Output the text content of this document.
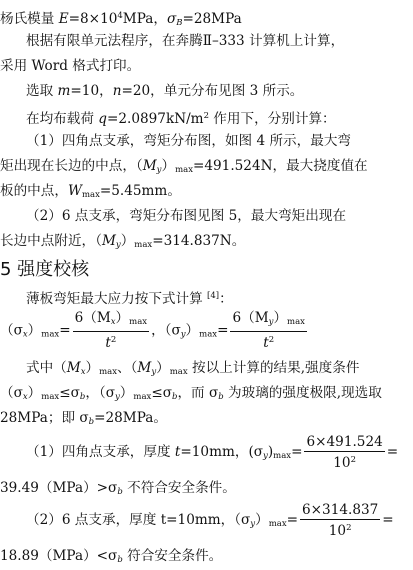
杨氏模量 $E=8\times 10^4MPa$，$\sigma_B=28MPa$
根据有限单元法程序，在奔腾Ⅱ–333 计算机上计算，
采用 Word 格式打印。
选取 m=10，n=20，单元分布见图 3 所示。
在均布载荷 $q=2.0897kN/m^2$ 作用下，分别计算：
（1）四角点支承，弯矩分布图，如图 4 所示，最大弯
矩出现在长边的中点，$(M_y)_{max}=491.524N$，最大挠度值在
板的中点，$W_{max}=5.45mm$。
（2）6 点支承，弯矩分布图见图 5，最大弯矩出现在
长边中点附近，$(M_y)_{max}=314.837N$。
5 强度校核
薄板弯矩最大应力按下式计算 [4]：
$(\sigma_x)_{max}= \frac{6(M_x)_{max}}{t^2}$ ，$(\sigma_y)_{max}= \frac{6(M_y)_{max}}{t^2}$
式中$(M_x)_{max}$、$(M_y)_{max}$ 按以上计算的结果,强度条件
$(\sigma_x)_{max}\le\sigma_b$，$(\sigma_y)_{max}\le\sigma_b$，而 $\sigma_b$ 为玻璃的强度极限,现选取
28MPa；即 $\sigma_b=28MPa$。
（1）四角点支承，厚度 t=10mm，$(\sigma_y)_{max}= \frac{6\times 491.524}{10^2}$ =
$39.49(MPa)>\sigma_b$ 不符合安全条件。
（2）6 点支承，厚度 t=10mm，$(\sigma_y)_{max}= \frac{6\times 314.837}{10^2}$ =
$18.89(MPa)<\sigma_b$ 符合安全条件。
